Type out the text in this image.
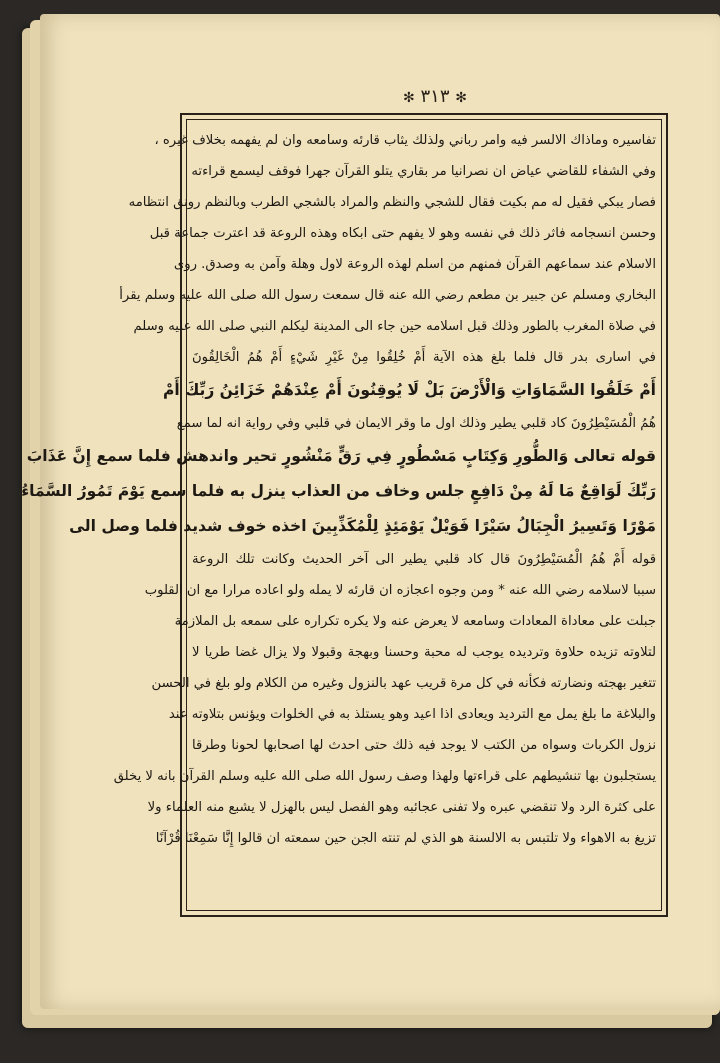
✻ ٣١٣ ✻
تفاسيره وماذاك الالسر فيه وامر رباني ولذلك يثاب قارئه وسامعه وان لم يفهمه بخلاف غيره ،
وفي الشفاء للقاضي عياض ان نصرانيا مر بقاري يتلو القرآن جهرا فوقف ليسمع قراءته
فصار يبكي فقيل له مم بكيت فقال للشجي والنظم والمراد بالشجي الطرب وبالنظم رونق انتظامه
وحسن انسجامه فاثر ذلك في نفسه وهو لا يفهم حتى ابكاه وهذه الروعة قد اعترت جماعة قبل
الاسلام عند سماعهم القرآن فمنهم من اسلم لهذه الروعة لاول وهلة وآمن به وصدق. روى
البخاري ومسلم عن جبير بن مطعم رضي الله عنه قال سمعت رسول الله صلى الله عليه وسلم يقرأ
في صلاة المغرب بالطور وذلك قبل اسلامه حين جاء الى المدينة ليكلم النبي صلى الله عليه وسلم
في اسارى بدر قال فلما بلغ هذه الآية أَمْ خُلِقُوا مِنْ غَيْرِ شَيْءٍ أَمْ هُمُ الْخَالِقُونَ
أَمْ خَلَقُوا السَّمَاوَاتِ وَالْأَرْضَ بَلْ لَا يُوقِنُونَ أَمْ عِنْدَهُمْ خَزَائِنُ رَبِّكَ أَمْ
هُمُ الْمُسَيْطِرُونَ كاد قلبي يطير وذلك اول ما وقر الايمان في قلبي وفي رواية انه لما سمع
قوله تعالى وَالطُّورِ وَكِتَابٍ مَسْطُورٍ فِي رَقٍّ مَنْشُورٍ تحير واندهش فلما سمع إِنَّ عَذَابَ
رَبِّكَ لَوَاقِعٌ مَا لَهُ مِنْ دَافِعٍ جلس وخاف من العذاب ينزل به فلما سمع يَوْمَ تَمُورُ السَّمَاءُ
مَوْرًا وَتَسِيرُ الْجِبَالُ سَيْرًا فَوَيْلٌ يَوْمَئِذٍ لِلْمُكَذِّبِينَ اخذه خوف شديد فلما وصل الى
قوله أَمْ هُمُ الْمُسَيْطِرُونَ قال كاد قلبي يطير الى آخر الحديث وكانت تلك الروعة
سببا لاسلامه رضي الله عنه * ومن وجوه اعجازه ان قارئه لا يمله ولو اعاده مرارا مع ان القلوب
جبلت على معاداة المعادات وسامعه لا يعرض عنه ولا يكره تكراره على سمعه بل الملازمة
لتلاوته تزيده حلاوة وترديده يوجب له محبة وحسنا وبهجة وقبولا ولا يزال غضا طريا لا
تتغير بهجته ونضارته فكأنه في كل مرة قريب عهد بالنزول وغيره من الكلام ولو بلغ في الحسن
والبلاغة ما بلغ يمل مع الترديد ويعادى اذا اعيد وهو يستلذ به في الخلوات ويؤنس بتلاوته عند
نزول الكربات وسواه من الكتب لا يوجد فيه ذلك حتى احدث لها اصحابها لحونا وطرقا
يستجلبون بها تنشيطهم على قراءتها ولهذا وصف رسول الله صلى الله عليه وسلم القرآن بانه لا يخلق
على كثرة الرد ولا تنقضي عبره ولا تفنى عجائبه وهو الفصل ليس بالهزل لا يشبع منه العلماء ولا
تزيغ به الاهواء ولا تلتبس به الالسنة هو الذي لم تنته الجن حين سمعته ان قالوا إِنَّا سَمِعْنَا قُرْآنًا
